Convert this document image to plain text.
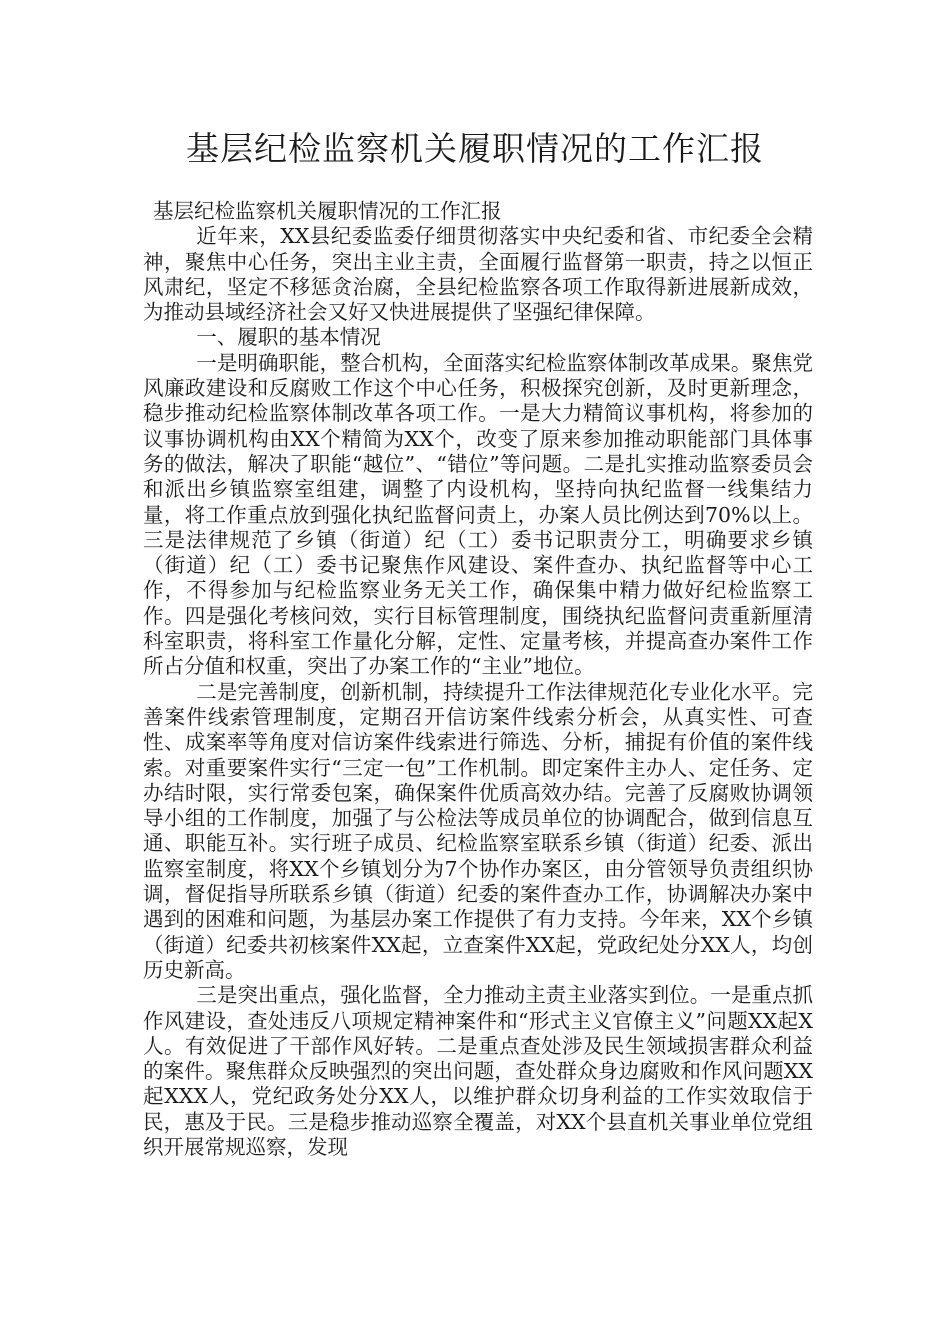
基层纪检监察机关履职情况的工作汇报

基层纪检监察机关履职情况的工作汇报

近年来，XX县纪委监委仔细贯彻落实中央纪委和省、市纪委全会精神，聚焦中心任务，突出主业主责，全面履行监督第一职责，持之以恒正风肃纪，坚定不移惩贪治腐，全县纪检监察各项工作取得新进展新成效，为推动县域经济社会又好又快进展提供了坚强纪律保障。

一、履职的基本情况

一是明确职能，整合机构，全面落实纪检监察体制改革成果。聚焦党风廉政建设和反腐败工作这个中心任务，积极探究创新，及时更新理念，稳步推动纪检监察体制改革各项工作。一是大力精简议事机构，将参加的议事协调机构由XX个精简为XX个，改变了原来参加推动职能部门具体事务的做法，解决了职能“越位”、“错位”等问题。二是扎实推动监察委员会和派出乡镇监察室组建，调整了内设机构，坚持向执纪监督一线集结力量，将工作重点放到强化执纪监督问责上，办案人员比例达到70%以上。三是法律规范了乡镇（街道）纪（工）委书记职责分工，明确要求乡镇（街道）纪（工）委书记聚焦作风建设、案件查办、执纪监督等中心工作，不得参加与纪检监察业务无关工作，确保集中精力做好纪检监察工作。四是强化考核问效，实行目标管理制度，围绕执纪监督问责重新厘清科室职责，将科室工作量化分解，定性、定量考核，并提高查办案件工作所占分值和权重，突出了办案工作的“主业”地位。

二是完善制度，创新机制，持续提升工作法律规范化专业化水平。完善案件线索管理制度，定期召开信访案件线索分析会，从真实性、可查性、成案率等角度对信访案件线索进行筛选、分析，捕捉有价值的案件线索。对重要案件实行“三定一包”工作机制。即定案件主办人、定任务、定办结时限，实行常委包案，确保案件优质高效办结。完善了反腐败协调领导小组的工作制度，加强了与公检法等成员单位的协调配合，做到信息互通、职能互补。实行班子成员、纪检监察室联系乡镇（街道）纪委、派出监察室制度，将XX个乡镇划分为7个协作办案区，由分管领导负责组织协调，督促指导所联系乡镇（街道）纪委的案件查办工作，协调解决办案中遇到的困难和问题，为基层办案工作提供了有力支持。今年来，XX个乡镇（街道）纪委共初核案件XX起，立查案件XX起，党政纪处分XX人，均创历史新高。

三是突出重点，强化监督，全力推动主责主业落实到位。一是重点抓作风建设，查处违反八项规定精神案件和“形式主义官僚主义”问题XX起X人。有效促进了干部作风好转。二是重点查处涉及民生领域损害群众利益的案件。聚焦群众反映强烈的突出问题，查处群众身边腐败和作风问题XX起XXX人，党纪政务处分XX人，以维护群众切身利益的工作实效取信于民，惠及于民。三是稳步推动巡察全覆盖，对XX个县直机关事业单位党组织开展常规巡察，发现
